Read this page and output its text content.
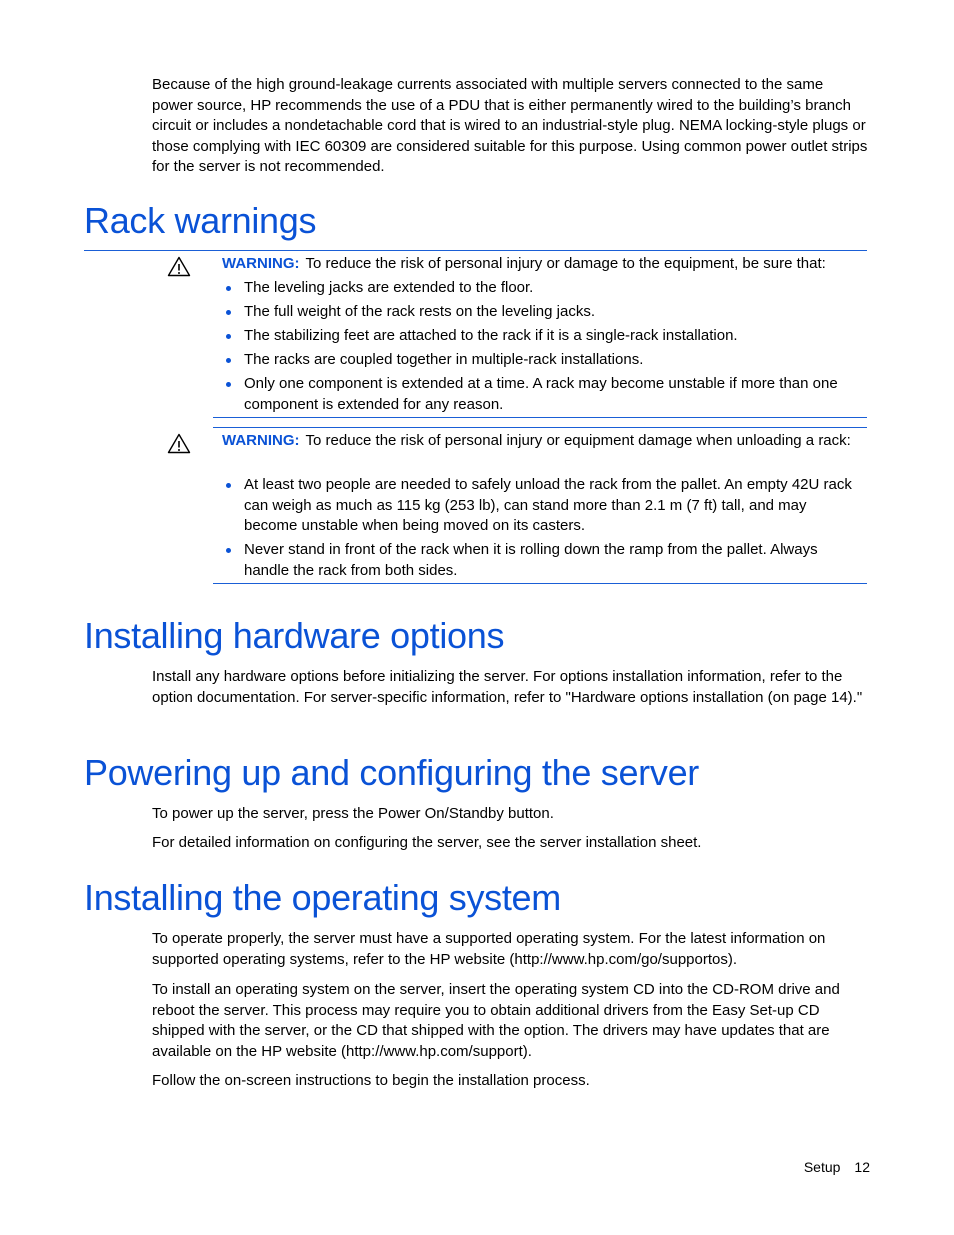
Because of the high ground-leakage currents associated with multiple servers connected to the same power source, HP recommends the use of a PDU that is either permanently wired to the building’s branch circuit or includes a nondetachable cord that is wired to an industrial-style plug. NEMA locking-style plugs or those complying with IEC 60309 are considered suitable for this purpose. Using common power outlet strips for the server is not recommended.

Rack warnings

WARNING: To reduce the risk of personal injury or damage to the equipment, be sure that:

The leveling jacks are extended to the floor.
The full weight of the rack rests on the leveling jacks.
The stabilizing feet are attached to the rack if it is a single-rack installation.
The racks are coupled together in multiple-rack installations.
Only one component is extended at a time. A rack may become unstable if more than one component is extended for any reason.

WARNING: To reduce the risk of personal injury or equipment damage when unloading a rack:

At least two people are needed to safely unload the rack from the pallet. An empty 42U rack can weigh as much as 115 kg (253 lb), can stand more than 2.1 m (7 ft) tall, and may become unstable when being moved on its casters.
Never stand in front of the rack when it is rolling down the ramp from the pallet. Always handle the rack from both sides.
Installing hardware options

Install any hardware options before initializing the server. For options installation information, refer to the option documentation. For server-specific information, refer to "Hardware options installation (on page 14)."

Powering up and configuring the server

To power up the server, press the Power On/Standby button.

For detailed information on configuring the server, see the server installation sheet.

Installing the operating system

To operate properly, the server must have a supported operating system. For the latest information on supported operating systems, refer to the HP website (http://www.hp.com/go/supportos).

To install an operating system on the server, insert the operating system CD into the CD-ROM drive and reboot the server. This process may require you to obtain additional drivers from the Easy Set-up CD shipped with the server, or the CD that shipped with the option. The drivers may have updates that are available on the HP website (http://www.hp.com/support).

Follow the on-screen instructions to begin the installation process.

Setup 12
